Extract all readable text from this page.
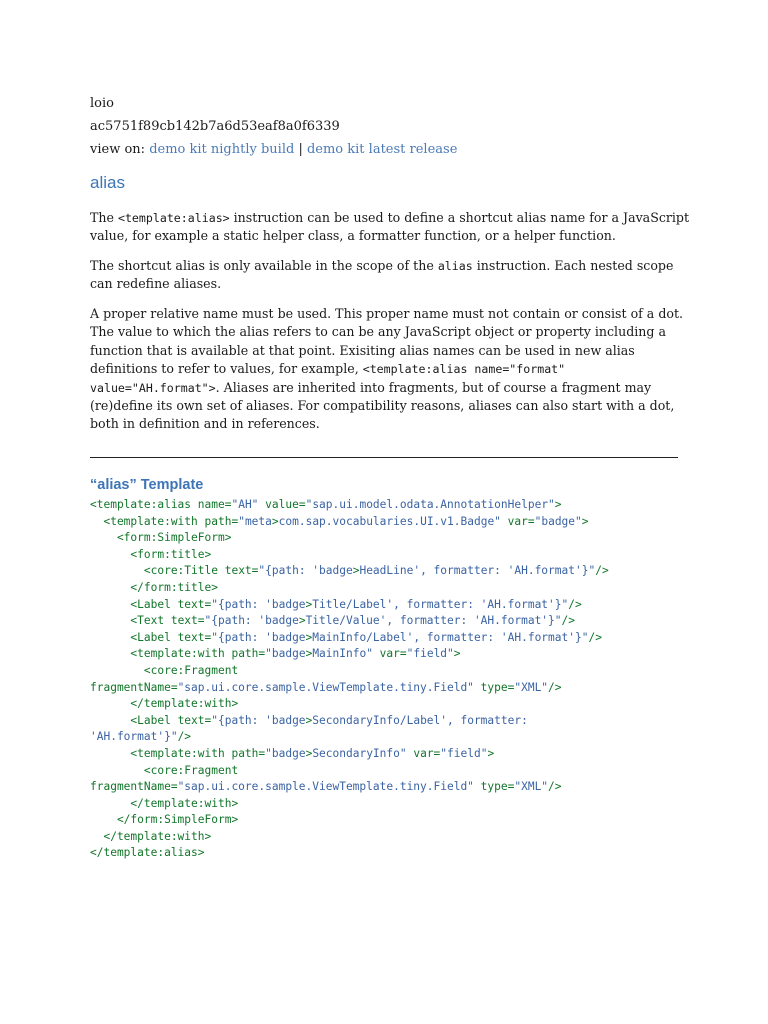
loio
ac5751f89cb142b7a6d53eaf8a0f6339
view on: demo kit nightly build | demo kit latest release
alias

The <template:alias> instruction can be used to define a shortcut alias name for a JavaScript value, for example a static helper class, a formatter function, or a helper function.

The shortcut alias is only available in the scope of the alias instruction. Each nested scope can redefine aliases.

A proper relative name must be used. This proper name must not contain or consist of a dot. The value to which the alias refers to can be any JavaScript object or property including a function that is available at that point. Exisiting alias names can be used in new alias definitions to refer to values, for example, <template:alias name="format" value="AH.format">. Aliases are inherited into fragments, but of course a fragment may (re)define its own set of aliases. For compatibility reasons, aliases can also start with a dot, both in definition and in references.

“alias” Template
<template:alias name="AH" value="sap.ui.model.odata.AnnotationHelper">
<template:with path="meta>com.sap.vocabularies.UI.v1.Badge" var="badge">
<form:SimpleForm>
<form:title>
<core:Title text="{path: 'badge>HeadLine', formatter: 'AH.format'}"/>
</form:title>
<Label text="{path: 'badge>Title/Label', formatter: 'AH.format'}"/>
<Text text="{path: 'badge>Title/Value', formatter: 'AH.format'}"/>
<Label text="{path: 'badge>MainInfo/Label', formatter: 'AH.format'}"/>
<template:with path="badge>MainInfo" var="field">
<core:Fragment
fragmentName="sap.ui.core.sample.ViewTemplate.tiny.Field" type="XML"/>
</template:with>
<Label text="{path: 'badge>SecondaryInfo/Label', formatter:
'AH.format'}"/>
<template:with path="badge>SecondaryInfo" var="field">
<core:Fragment
fragmentName="sap.ui.core.sample.ViewTemplate.tiny.Field" type="XML"/>
</template:with>
</form:SimpleForm>
</template:with>
</template:alias>
